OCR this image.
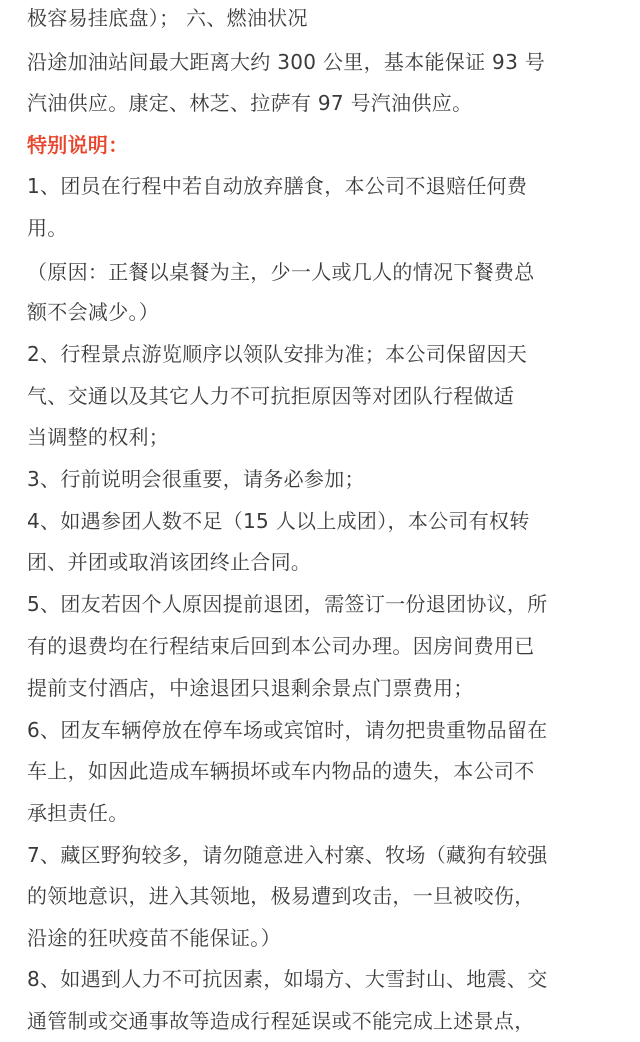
极容易挂底盘）； 六、燃油状况

沿途加油站间最大距离大约 300 公里，基本能保证 93 号

汽油供应。康定、林芝、拉萨有 97 号汽油供应。

特别说明：

1、团员在行程中若自动放弃膳食，本公司不退赔任何费

用。

（原因：正餐以桌餐为主，少一人或几人的情况下餐费总

额不会减少。）

2、行程景点游览顺序以领队安排为准；本公司保留因天

气、交通以及其它人力不可抗拒原因等对团队行程做适

当调整的权利；

3、行前说明会很重要，请务必参加；

4、如遇参团人数不足（15 人以上成团），本公司有权转

团、并团或取消该团终止合同。

5、团友若因个人原因提前退团，需签订一份退团协议，所

有的退费均在行程结束后回到本公司办理。因房间费用已

提前支付酒店，中途退团只退剩余景点门票费用；

6、团友车辆停放在停车场或宾馆时，请勿把贵重物品留在

车上，如因此造成车辆损坏或车内物品的遗失，本公司不

承担责任。

7、藏区野狗较多，请勿随意进入村寨、牧场（藏狗有较强

的领地意识，进入其领地，极易遭到攻击，一旦被咬伤，

沿途的狂吠疫苗不能保证。）

8、如遇到人力不可抗因素，如塌方、大雪封山、地震、交

通管制或交通事故等造成行程延误或不能完成上述景点，
